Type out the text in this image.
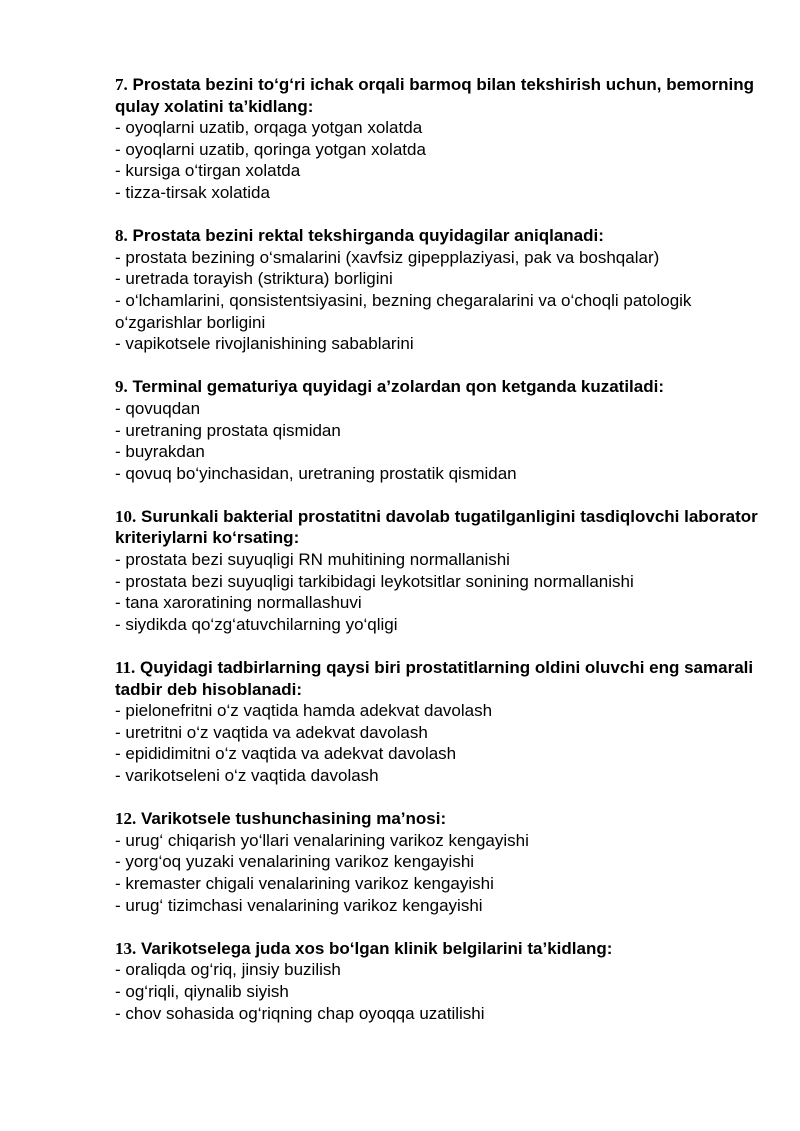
7. Prostata bezini to‘g‘ri ichak orqali barmoq bilan tekshirish uchun, bemorning qulay xolatini ta’kidlang:
- oyoqlarni uzatib, orqaga yotgan xolatda
- oyoqlarni uzatib, qoringa yotgan xolatda
- kursiga o‘tirgan xolatda
- tizza-tirsak xolatida
8. Prostata bezini rektal tekshirganda quyidagilar aniqlanadi:
- prostata bezining o‘smalarini (xavfsiz gipepplaziyasi, pak va boshqalar)
- uretrada torayish (striktura) borligini
- o‘lchamlarini, qonsistentsiyasini, bezning chegaralarini va o‘choqli patologik o‘zgarishlar borligini
- vapikotsele rivojlanishining sabablarini
9. Terminal gematuriya quyidagi a’zolardan qon ketganda kuzatiladi:
- qovuqdan
- uretraning prostata qismidan
- buyrakdan
- qovuq bo‘yinchasidan, uretraning prostatik qismidan
10. Surunkali bakterial prostatitni davolab tugatilganligini tasdiqlovchi laborator kriteriylarni ko‘rsating:
- prostata bezi suyuqligi RN muhitining normallanishi
- prostata bezi suyuqligi tarkibidagi leykotsitlar sonining normallanishi
- tana xaroratining normallashuvi
- siydikda qo‘zg‘atuvchilarning yo‘qligi
11. Quyidagi tadbirlarning qaysi biri prostatitlarning oldini oluvchi eng samarali tadbir deb hisoblanadi:
- pielonefritni o‘z vaqtida hamda adekvat davolash
- uretritni o‘z vaqtida va adekvat davolash
- epididimitni o‘z vaqtida va adekvat davolash
- varikotseleni o‘z vaqtida davolash
12. Varikotsele tushunchasining ma’nosi:
- urug‘ chiqarish yo‘llari venalarining varikoz kengayishi
- yorg‘oq yuzaki venalarining varikoz kengayishi
- kremaster chigali venalarining varikoz kengayishi
- urug‘ tizimchasi venalarining varikoz kengayishi
13. Varikotselega juda xos bo‘lgan klinik belgilarini ta’kidlang:
- oraliqda og‘riq, jinsiy buzilish
- og‘riqli, qiynalib siyish
- chov sohasida og‘riqning chap oyoqqa uzatilishi
